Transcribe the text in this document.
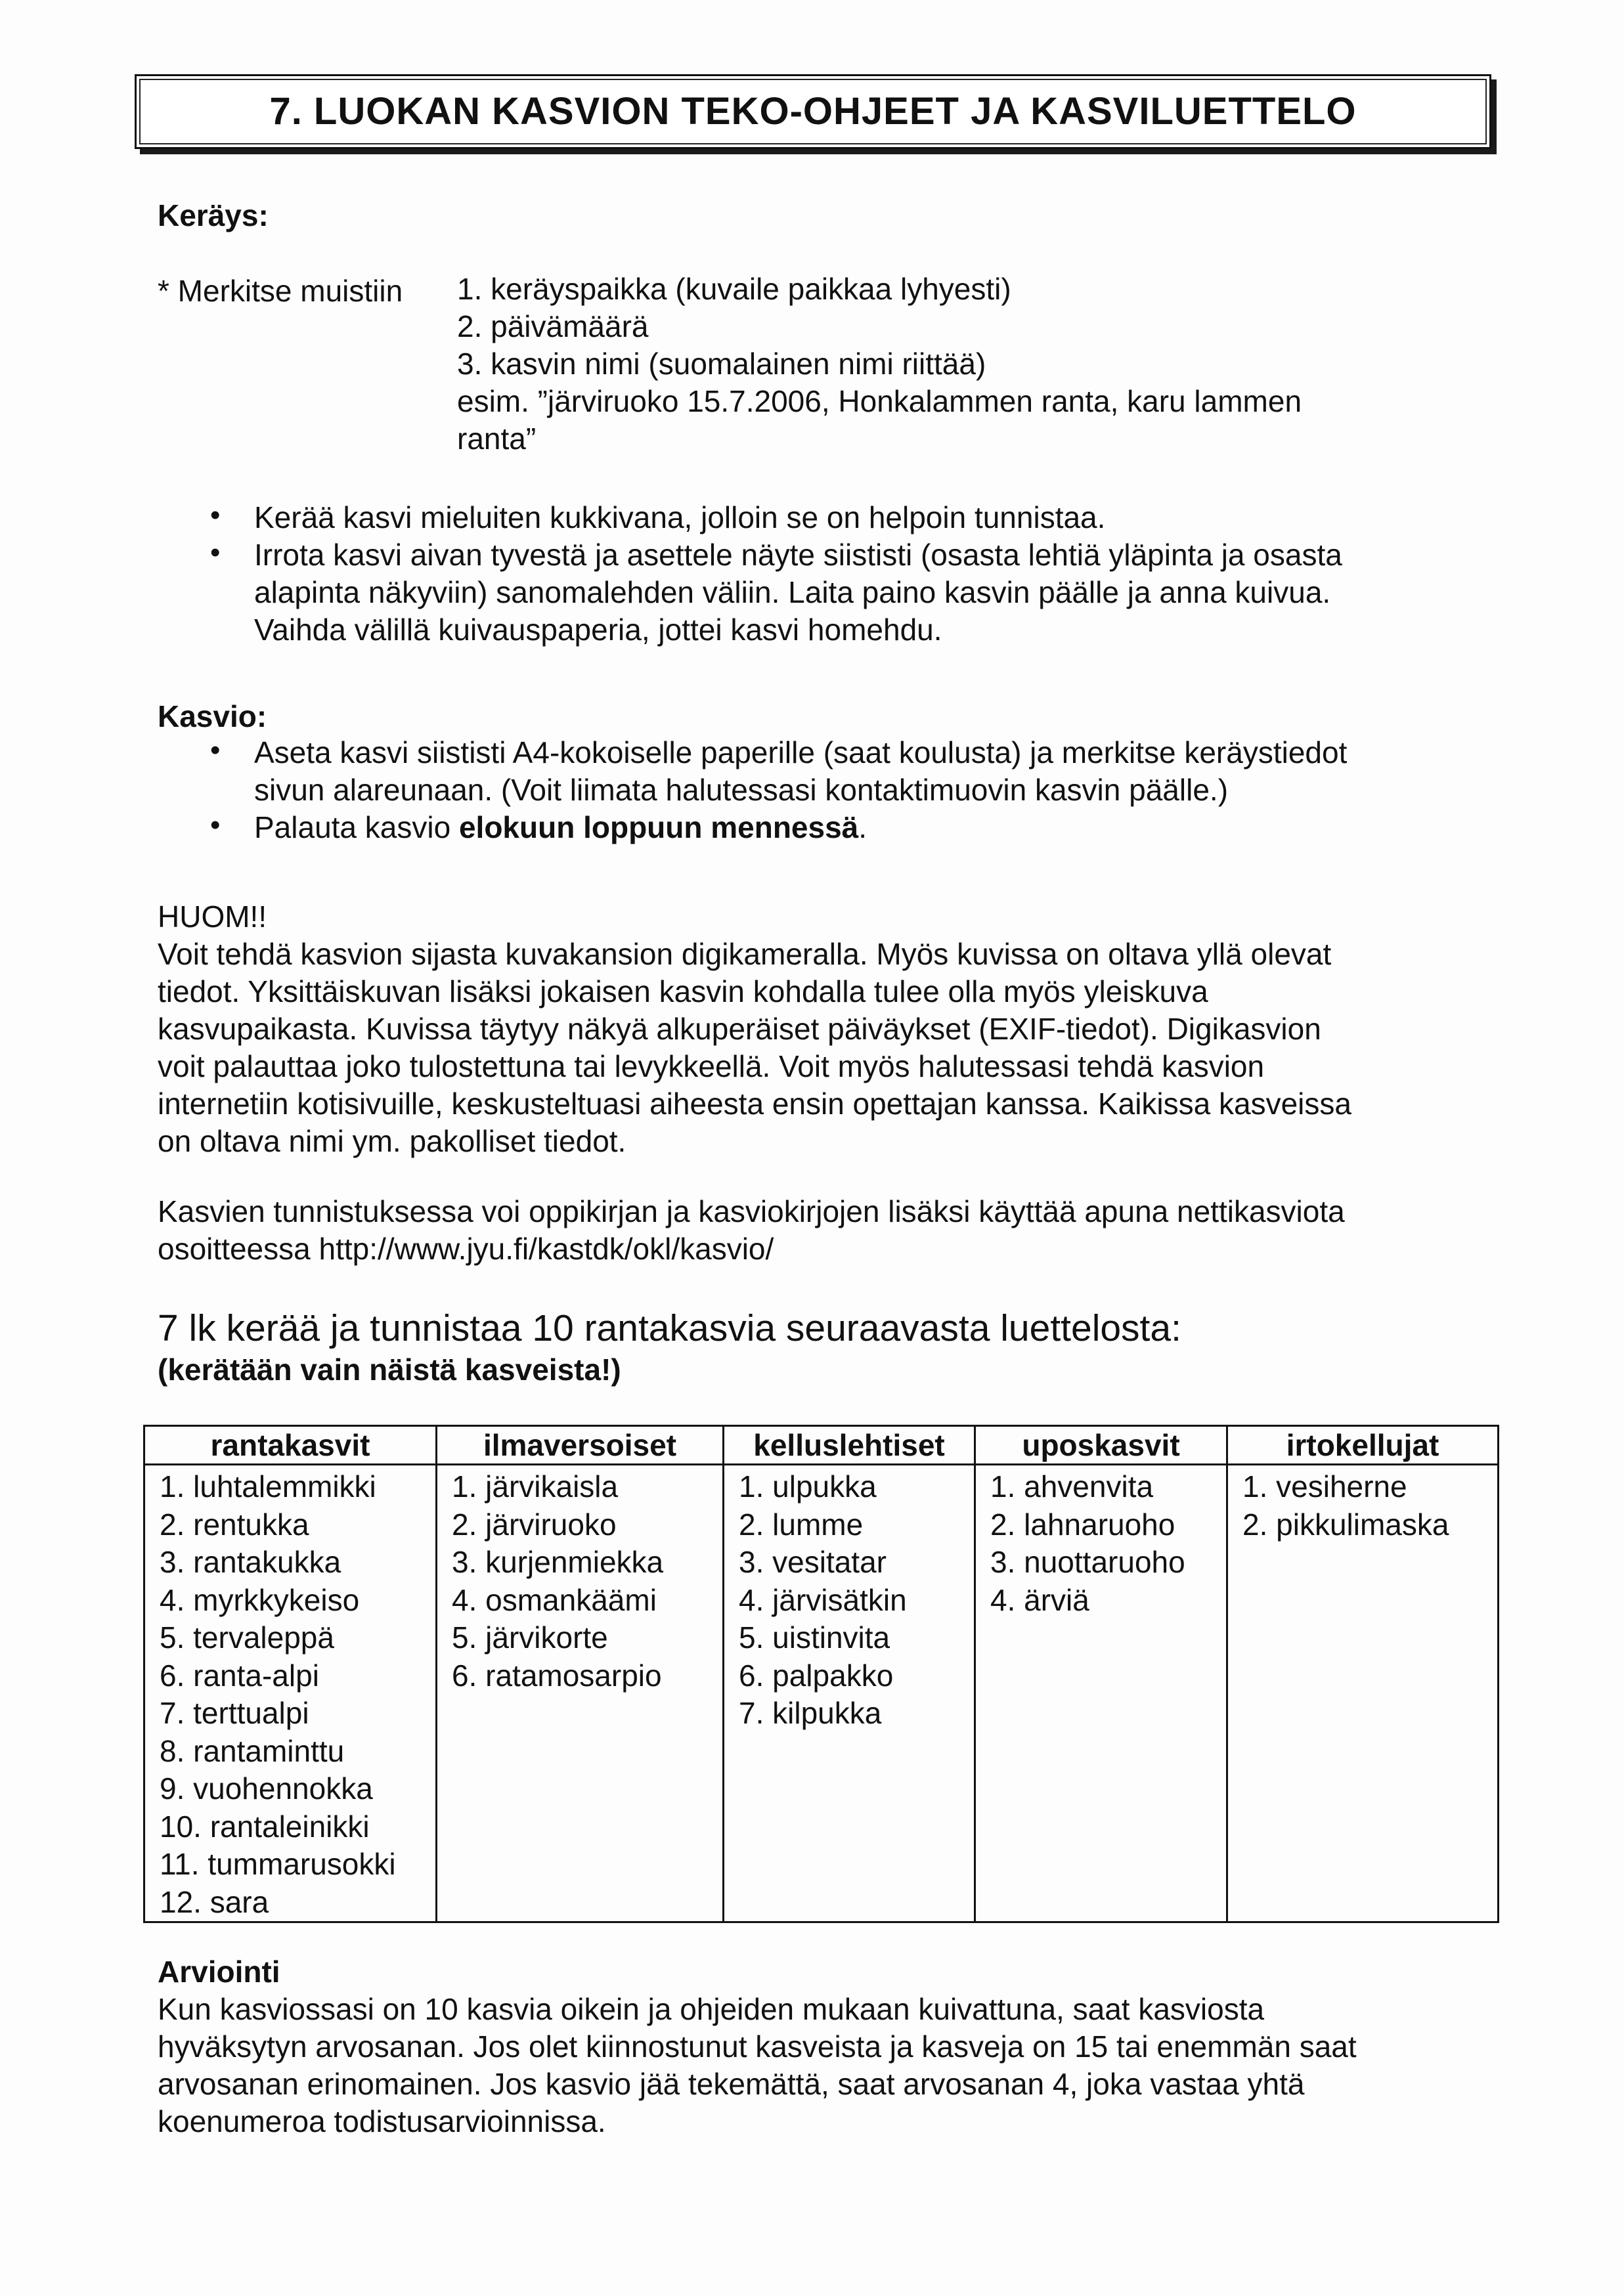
7. LUOKAN KASVION TEKO-OHJEET JA KASVILUETTELO
Keräys:
* Merkitse muistiin 1. keräyspaikka (kuvaile paikkaa lyhyesti)
2. päivämäärä
3. kasvin nimi (suomalainen nimi riittää)
esim. ”järviruoko 15.7.2006, Honkalammen ranta, karu lammen
ranta”
• Kerää kasvi mieluiten kukkivana, jolloin se on helpoin tunnistaa.
• Irrota kasvi aivan tyvestä ja asettele näyte siististi (osasta lehtiä yläpinta ja osasta
alapinta näkyviin) sanomalehden väliin. Laita paino kasvin päälle ja anna kuivua.
Vaihda välillä kuivauspaperia, jottei kasvi homehdu.
Kasvio:
• Aseta kasvi siististi A4-kokoiselle paperille (saat koulusta) ja merkitse keräystiedot
sivun alareunaan. (Voit liimata halutessasi kontaktimuovin kasvin päälle.)
• Palauta kasvio elokuun loppuun mennessä.
HUOM!!
Voit tehdä kasvion sijasta kuvakansion digikameralla. Myös kuvissa on oltava yllä olevat
tiedot. Yksittäiskuvan lisäksi jokaisen kasvin kohdalla tulee olla myös yleiskuva
kasvupaikasta. Kuvissa täytyy näkyä alkuperäiset päiväykset (EXIF-tiedot). Digikasvion
voit palauttaa joko tulostettuna tai levykkeellä. Voit myös halutessasi tehdä kasvion
internetiin kotisivuille, keskusteltuasi aiheesta ensin opettajan kanssa. Kaikissa kasveissa
on oltava nimi ym. pakolliset tiedot.
Kasvien tunnistuksessa voi oppikirjan ja kasviokirjojen lisäksi käyttää apuna nettikasviota
osoitteessa http://www.jyu.fi/kastdk/okl/kasvio/
7 lk kerää ja tunnistaa 10 rantakasvia seuraavasta luettelosta:
(kerätään vain näistä kasveista!)
rantakasvit	ilmaversoiset	kelluslehtiset	uposkasvit	irtokellujat

1. luhtalemmikki
2. rentukka
3. rantakukka
4. myrkkykeiso
5. tervaleppä
6. ranta-alpi
7. terttualpi
8. rantaminttu
9. vuohennokka
10. rantaleinikki
11. tummarusokki
12. sara

1. järvikaisla
2. järviruoko
3. kurjenmiekka
4. osmankäämi
5. järvikorte
6. ratamosarpio

1. ulpukka
2. lumme
3. vesitatar
4. järvisätkin
5. uistinvita
6. palpakko
7. kilpukka

1. ahvenvita
2. lahnaruoho
3. nuottaruoho
4. ärviä

1. vesiherne
2. pikkulimaska
Arviointi
Kun kasviossasi on 10 kasvia oikein ja ohjeiden mukaan kuivattuna, saat kasviosta
hyväksytyn arvosanan. Jos olet kiinnostunut kasveista ja kasveja on 15 tai enemmän saat
arvosanan erinomainen. Jos kasvio jää tekemättä, saat arvosanan 4, joka vastaa yhtä
koenumeroa todistusarvioinnissa.
